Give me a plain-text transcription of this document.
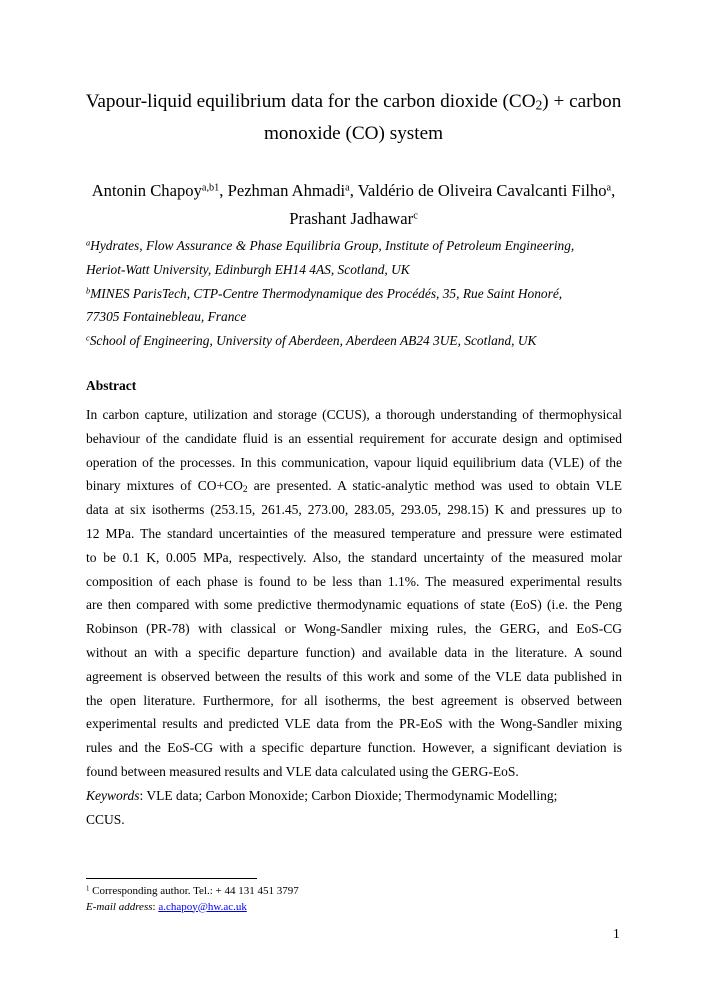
Vapour-liquid equilibrium data for the carbon dioxide $(CO_2)$ + carbon
monoxide (CO) system
Antonin Chapoy$^{a,b1}$, Pezhman Ahmadi$^a$, Valdério de Oliveira Cavalcanti Filho$^a$,
Prashant Jadhawar$^c$
$^a$Hydrates, Flow Assurance & Phase Equilibria Group, Institute of Petroleum Engineering,
Heriot-Watt University, Edinburgh EH14 4AS, Scotland, UK
$^b$MINES ParisTech, CTP-Centre Thermodynamique des Procédés, 35, Rue Saint Honoré,
77305 Fontainebleau, France
$^c$School of Engineering, University of Aberdeen, Aberdeen AB24 3UE, Scotland, UK
Abstract
In carbon capture, utilization and storage (CCUS), a thorough understanding of thermophysical
behaviour of the candidate fluid is an essential requirement for accurate design and optimised
operation of the processes. In this communication, vapour liquid equilibrium data (VLE) of the
binary mixtures of $CO+CO_2$ are presented. A static-analytic method was used to obtain VLE
data at six isotherms (253.15, 261.45, 273.00, 283.05, 293.05, 298.15) K and pressures up to
12 MPa. The standard uncertainties of the measured temperature and pressure were estimated
to be 0.1 K, 0.005 MPa, respectively. Also, the standard uncertainty of the measured molar
composition of each phase is found to be less than 1.1%. The measured experimental results
are then compared with some predictive thermodynamic equations of state (EoS) (i.e. the Peng
Robinson (PR-78) with classical or Wong-Sandler mixing rules, the GERG, and EoS-CG
without an with a specific departure function) and available data in the literature. A sound
agreement is observed between the results of this work and some of the VLE data published in
the open literature. Furthermore, for all isotherms, the best agreement is observed between
experimental results and predicted VLE data from the PR-EoS with the Wong-Sandler mixing
rules and the EoS-CG with a specific departure function. However, a significant deviation is
found between measured results and VLE data calculated using the GERG-EoS.
Keywords: VLE data; Carbon Monoxide; Carbon Dioxide; Thermodynamic Modelling;
CCUS.
$^1$ Corresponding author. Tel.: + 44 131 451 3797
E-mail address: a.chapoy@hw.ac.uk
1
